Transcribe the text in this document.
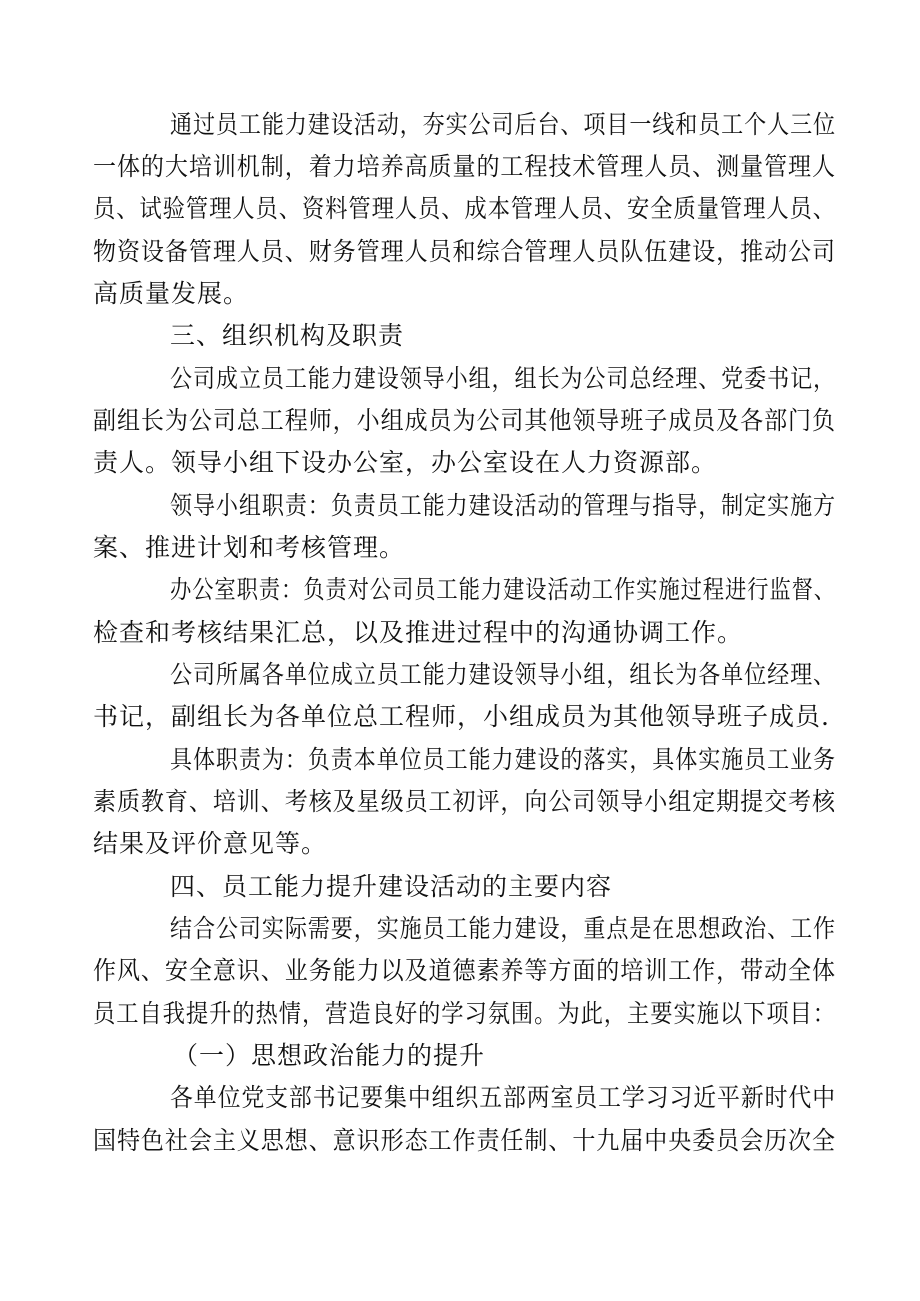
通过员工能力建设活动，夯实公司后台、项目一线和员工个人三位
一体的大培训机制，着力培养高质量的工程技术管理人员、测量管理人
员、试验管理人员、资料管理人员、成本管理人员、安全质量管理人员、
物资设备管理人员、财务管理人员和综合管理人员队伍建设，推动公司
高质量发展。
三、组织机构及职责
公司成立员工能力建设领导小组，组长为公司总经理、党委书记，
副组长为公司总工程师，小组成员为公司其他领导班子成员及各部门负
责人。领导小组下设办公室，办公室设在人力资源部。
领导小组职责：负责员工能力建设活动的管理与指导，制定实施方
案、推进计划和考核管理。
办公室职责：负责对公司员工能力建设活动工作实施过程进行监督、
检查和考核结果汇总，以及推进过程中的沟通协调工作。
公司所属各单位成立员工能力建设领导小组，组长为各单位经理、
书记，副组长为各单位总工程师，小组成员为其他领导班子成员.
具体职责为：负责本单位员工能力建设的落实，具体实施员工业务
素质教育、培训、考核及星级员工初评，向公司领导小组定期提交考核
结果及评价意见等。
四、员工能力提升建设活动的主要内容
结合公司实际需要，实施员工能力建设，重点是在思想政治、工作
作风、安全意识、业务能力以及道德素养等方面的培训工作，带动全体
员工自我提升的热情，营造良好的学习氛围。为此，主要实施以下项目：
（一）思想政治能力的提升
各单位党支部书记要集中组织五部两室员工学习习近平新时代中
国特色社会主义思想、意识形态工作责任制、十九届中央委员会历次全
